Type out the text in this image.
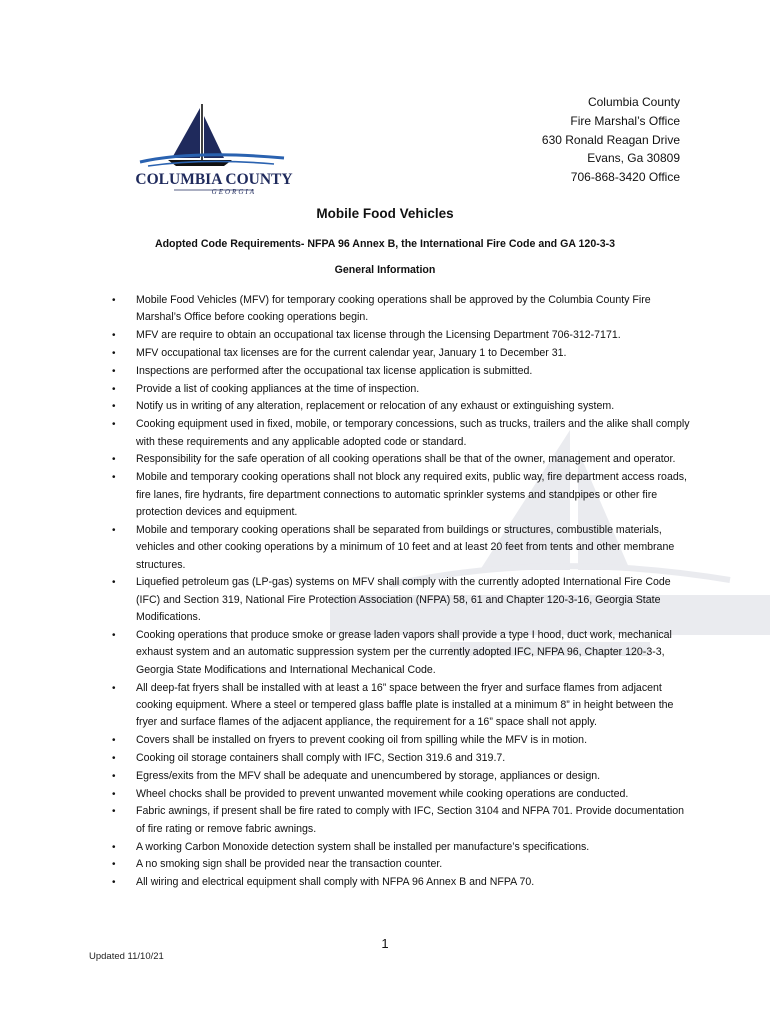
COLUMBIA COUNTY
GEORGIA
Columbia County
Fire Marshal’s Office
630 Ronald Reagan Drive
Evans, Ga 30809
706-868-3420 Office
Mobile Food Vehicles
Adopted Code Requirements- NFPA 96 Annex B, the International Fire Code and GA 120-3-3
General Information
• Mobile Food Vehicles (MFV) for temporary cooking operations shall be approved by the Columbia County Fire Marshal’s Office before cooking operations begin.
• MFV are require to obtain an occupational tax license through the Licensing Department 706-312-7171.
• MFV occupational tax licenses are for the current calendar year, January 1 to December 31.
• Inspections are performed after the occupational tax license application is submitted.
• Provide a list of cooking appliances at the time of inspection.
• Notify us in writing of any alteration, replacement or relocation of any exhaust or extinguishing system.
• Cooking equipment used in fixed, mobile, or temporary concessions, such as trucks, trailers and the alike shall comply with these requirements and any applicable adopted code or standard.
• Responsibility for the safe operation of all cooking operations shall be that of the owner, management and operator.
• Mobile and temporary cooking operations shall not block any required exits, public way, fire department access roads, fire lanes, fire hydrants, fire department connections to automatic sprinkler systems and standpipes or other fire protection devices and equipment.
• Mobile and temporary cooking operations shall be separated from buildings or structures, combustible materials, vehicles and other cooking operations by a minimum of 10 feet and at least 20 feet from tents and other membrane structures.
• Liquefied petroleum gas (LP-gas) systems on MFV shall comply with the currently adopted International Fire Code (IFC) and Section 319, National Fire Protection Association (NFPA) 58, 61 and Chapter 120-3-16, Georgia State Modifications.
• Cooking operations that produce smoke or grease laden vapors shall provide a type I hood, duct work, mechanical exhaust system and an automatic suppression system per the currently adopted IFC, NFPA 96, Chapter 120-3-3, Georgia State Modifications and International Mechanical Code.
• All deep-fat fryers shall be installed with at least a 16” space between the fryer and surface flames from adjacent cooking equipment. Where a steel or tempered glass baffle plate is installed at a minimum 8” in height between the fryer and surface flames of the adjacent appliance, the requirement for a 16” space shall not apply.
• Covers shall be installed on fryers to prevent cooking oil from spilling while the MFV is in motion.
• Cooking oil storage containers shall comply with IFC, Section 319.6 and 319.7.
• Egress/exits from the MFV shall be adequate and unencumbered by storage, appliances or design.
• Wheel chocks shall be provided to prevent unwanted movement while cooking operations are conducted.
• Fabric awnings, if present shall be fire rated to comply with IFC, Section 3104 and NFPA 701. Provide documentation of fire rating or remove fabric awnings.
• A working Carbon Monoxide detection system shall be installed per manufacture’s specifications.
• A no smoking sign shall be provided near the transaction counter.
• All wiring and electrical equipment shall comply with NFPA 96 Annex B and NFPA 70.
1
Updated 11/10/21
